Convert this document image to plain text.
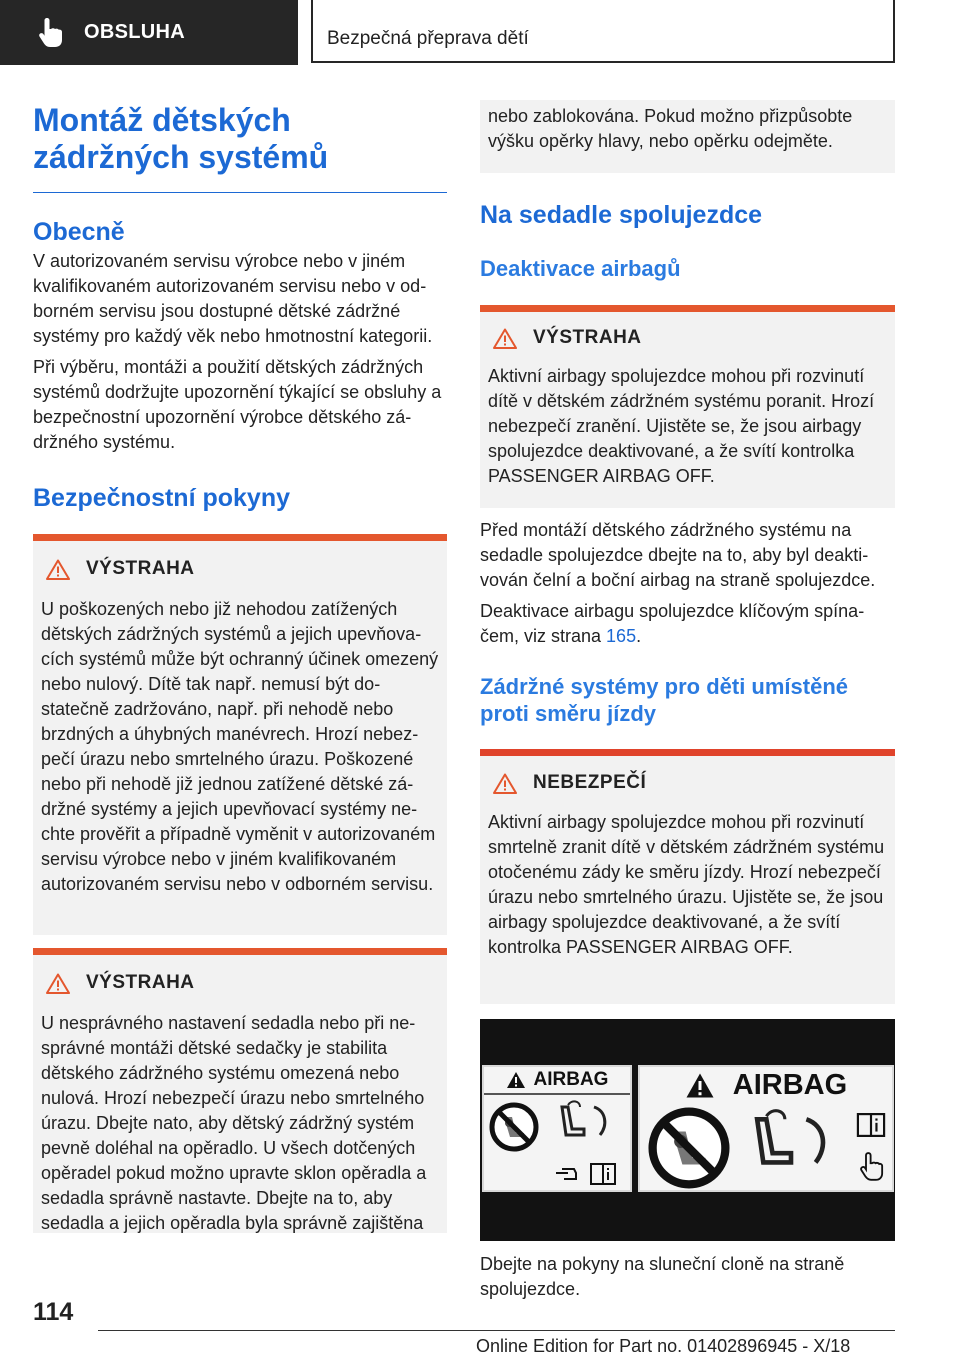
OBSLUHA	Bezpečná přeprava dětí
Montáž dětských
zádržných systémů
Obecně

V autorizovaném servisu výrobce nebo v jiném kvalifikovaném autorizovaném servisu nebo v odborném servisu jsou dostupné dětské zádržné systémy pro každý věk nebo hmotnostní kategorii.

Při výběru, montáži a použití dětských zádržných systémů dodržujte upozornění týkající se obsluhy a bezpečnostní upozornění výrobce dětského zádržného systému.

Bezpečnostní pokyny
VÝSTRAHA

U poškozených nebo již nehodou zatížených dětských zádržných systémů a jejich upevňovacích systémů může být ochranný účinek omezený nebo nulový. Dítě tak např. nemusí být dostatečně zadržováno, např. při nehodě nebo brzdných a úhybných manévrech. Hrozí nebezpečí úrazu nebo smrtelného úrazu. Poškozené nebo při nehodě již jednou zatížené dětské zádržné systémy a jejich upevňovací systémy nechte prověřit a případně vyměnit v autorizovaném servisu výrobce nebo v jiném kvalifikovaném autorizovaném servisu nebo v odborném servisu.

VÝSTRAHA

U nesprávného nastavení sedadla nebo při nesprávné montáži dětské sedačky je stabilita dětského zádržného systému omezená nebo nulová. Hrozí nebezpečí úrazu nebo smrtelného úrazu. Dbejte nato, aby dětský zádržný systém pevně doléhal na opěradlo. U všech dotčených opěradel pokud možno upravte sklon opěradla a sedadla správně nastavte. Dbejte na to, aby sedadla a jejich opěradla byla správně zajištěna

nebo zablokována. Pokud možno přizpůsobte výšku opěrky hlavy, nebo opěrku odejměte.

Na sedadle spolujezdce
Deaktivace airbagů
VÝSTRAHA

Aktivní airbagy spolujezdce mohou při rozvinutí dítě v dětském zádržném systému poranit. Hrozí nebezpečí zranění. Ujistěte se, že jsou airbagy spolujezdce deaktivované, a že svítí kontrolka PASSENGER AIRBAG OFF.

Před montáží dětského zádržného systému na sedadle spolujezdce dbejte na to, aby byl deaktivován čelní a boční airbag na straně spolujezdce.

Deaktivace airbagu spolujezdce klíčovým spínačem, viz strana 165.

Zádržné systémy pro děti umístěné proti směru jízdy
NEBEZPEČÍ

Aktivní airbagy spolujezdce mohou při rozvinutí smrtelně zranit dítě v dětském zádržném systému otočenému zády ke směru jízdy. Hrozí nebezpečí úrazu nebo smrtelného úrazu. Ujistěte se, že jsou airbagy spolujezdce deaktivované, a že svítí kontrolka PASSENGER AIRBAG OFF.

AIRBAG	AIRBAG

Dbejte na pokyny na sluneční cloně na straně spolujezdce.

114
Online Edition for Part no. 01402896945 - X/18
